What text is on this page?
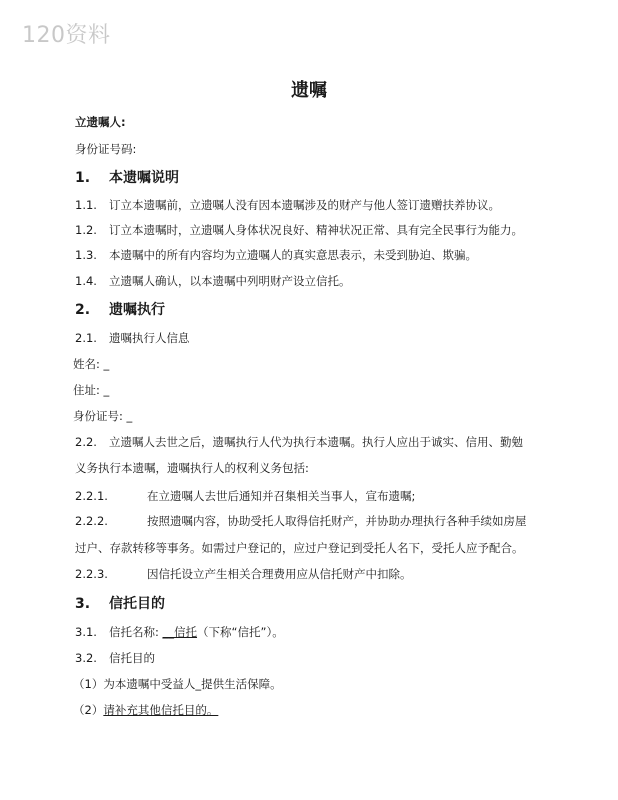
120资料
遗嘱
立遗嘱人:
身份证号码:
1. 本遗嘱说明
1.1. 订立本遗嘱前，立遗嘱人没有因本遗嘱涉及的财产与他人签订遗赠扶养协议。
1.2. 订立本遗嘱时，立遗嘱人身体状况良好、精神状况正常、具有完全民事行为能力。
1.3. 本遗嘱中的所有内容均为立遗嘱人的真实意思表示，未受到胁迫、欺骗。
1.4. 立遗嘱人确认，以本遗嘱中列明财产设立信托。
2. 遗嘱执行
2.1. 遗嘱执行人信息
姓名: _
住址: _
身份证号: _
2.2. 立遗嘱人去世之后，遗嘱执行人代为执行本遗嘱。执行人应出于诚实、信用、勤勉
义务执行本遗嘱，遗嘱执行人的权利义务包括:
2.2.1.	在立遗嘱人去世后通知并召集相关当事人，宣布遗嘱;
2.2.2.	按照遗嘱内容，协助受托人取得信托财产，并协助办理执行各种手续如房屋
过户、存款转移等事务。如需过户登记的，应过户登记到受托人名下，受托人应予配合。
2.2.3.	因信托设立产生相关合理费用应从信托财产中扣除。
3. 信托目的
3.1. 信托名称: __信托（下称“信托”）。
3.2. 信托目的
（1）为本遗嘱中受益人_提供生活保障。
（2）请补充其他信托目的。
